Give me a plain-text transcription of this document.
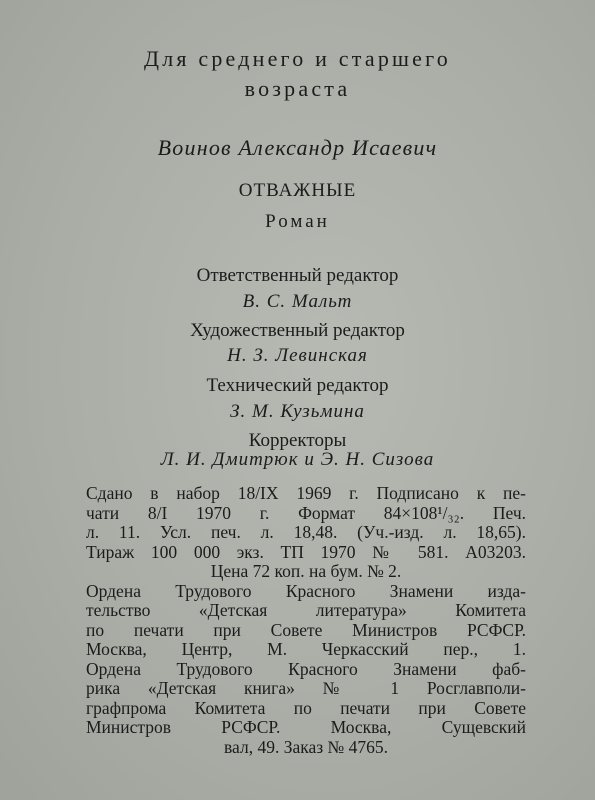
Для среднего и старшего
возраста
Воинов Александр Исаевич
ОТВАЖНЫЕ
Роман
Ответственный редактор
В. С. Мальт
Художественный редактор
Н. З. Левинская
Технический редактор
З. М. Кузьмина
Корректоры
Л. И. Дмитрюк и Э. Н. Сизова
Сдано в набор 18/IX 1969 г. Подписано к пе-
чати 8/I 1970 г. Формат 84×108¹/₃₂. Печ.
л. 11. Усл. печ. л. 18,48. (Уч.-изд. л. 18,65).
Тираж 100 000 экз. ТП 1970 № 581. А03203.
Цена 72 коп. на бум. № 2.
Ордена Трудового Красного Знамени изда-
тельство «Детская литература» Комитета
по печати при Совете Министров РСФСР.
Москва, Центр, М. Черкасский пер., 1.
Ордена Трудового Красного Знамени фаб-
рика «Детская книга» № 1 Росглавполи-
графпрома Комитета по печати при Совете
Министров РСФСР. Москва, Сущевский
вал, 49. Заказ № 4765.
